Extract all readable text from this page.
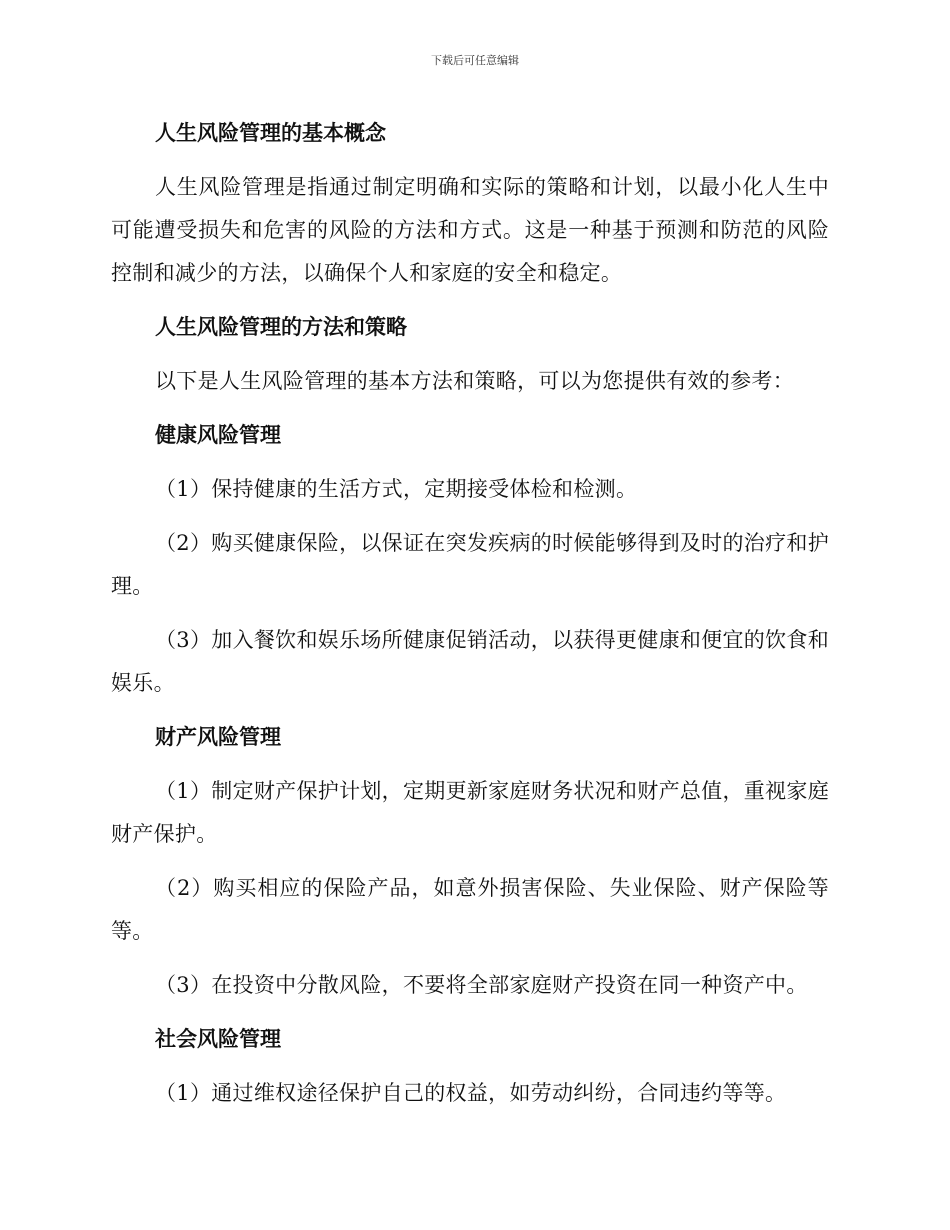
下载后可任意编辑
人生风险管理的基本概念
人生风险管理是指通过制定明确和实际的策略和计划，以最小化人生中可能遭受损失和危害的风险的方法和方式。这是一种基于预测和防范的风险控制和减少的方法，以确保个人和家庭的安全和稳定。
人生风险管理的方法和策略
以下是人生风险管理的基本方法和策略，可以为您提供有效的参考：
健康风险管理
（1）保持健康的生活方式，定期接受体检和检测。
（2）购买健康保险，以保证在突发疾病的时候能够得到及时的治疗和护理。
（3）加入餐饮和娱乐场所健康促销活动，以获得更健康和便宜的饮食和娱乐。
财产风险管理
（1）制定财产保护计划，定期更新家庭财务状况和财产总值，重视家庭财产保护。
（2）购买相应的保险产品，如意外损害保险、失业保险、财产保险等等。
（3）在投资中分散风险，不要将全部家庭财产投资在同一种资产中。
社会风险管理
（1）通过维权途径保护自己的权益，如劳动纠纷，合同违约等等。
